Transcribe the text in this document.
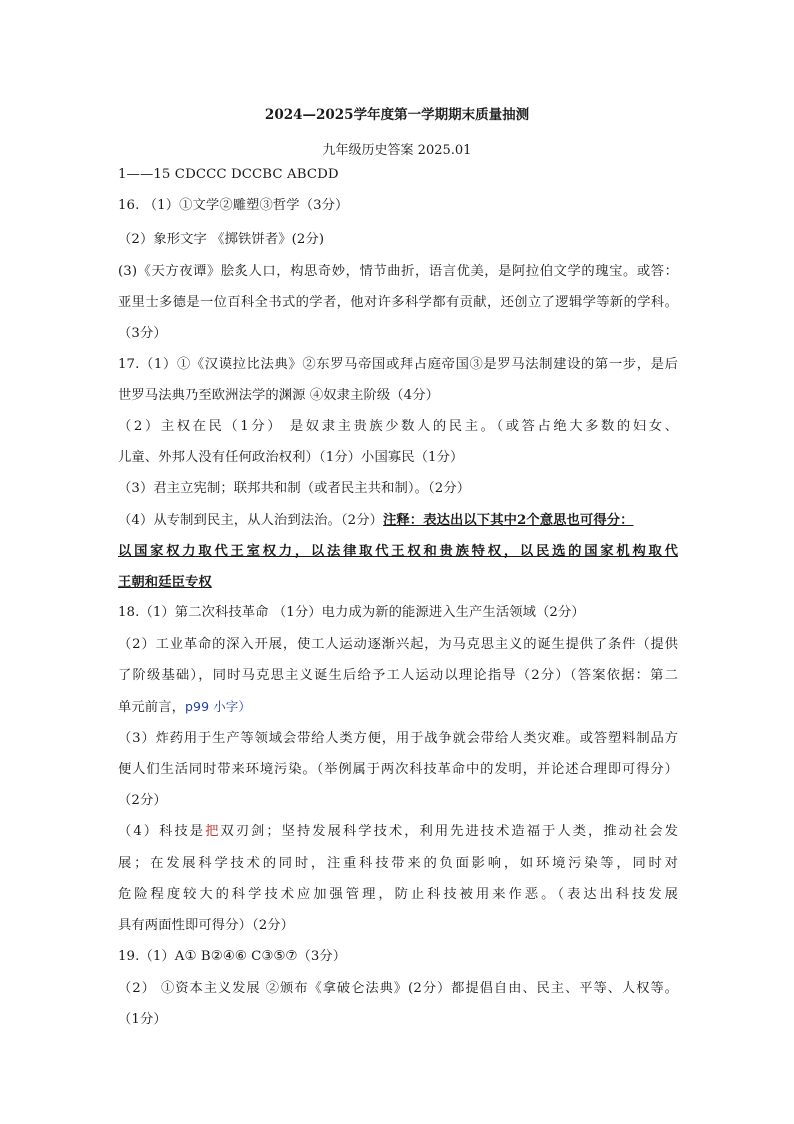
2024—2025学年度第一学期期末质量抽测
九年级历史答案 2025.01
1——15 CDCCC DCCBC ABCDD
16. （1）①文学②雕塑③哲学（3分）
（2）象形文字 《掷铁饼者》(2分)
(3)《天方夜谭》脍炙人口，构思奇妙，情节曲折，语言优美，是阿拉伯文学的瑰宝。或答：
亚里士多德是一位百科全书式的学者，他对许多科学都有贡献，还创立了逻辑学等新的学科。
（3分）
17.（1）①《汉谟拉比法典》②东罗马帝国或拜占庭帝国③是罗马法制建设的第一步，是后
世罗马法典乃至欧洲法学的渊源 ④奴隶主阶级（4分）
（2）主权在民（1分） 是奴隶主贵族少数人的民主。（或答占绝大多数的妇女、
儿童、外邦人没有任何政治权利）（1分）小国寡民（1分）
（3）君主立宪制；联邦共和制（或者民主共和制）。（2分）
（4）从专制到民主，从人治到法治。（2分）注释：表达出以下其中2个意思也可得分：
以国家权力取代王室权力，以法律取代王权和贵族特权，以民选的国家机构取代
王朝和廷臣专权
18.（1）第二次科技革命 （1分）电力成为新的能源进入生产生活领域（2分）
（2）工业革命的深入开展，使工人运动逐渐兴起，为马克思主义的诞生提供了条件（提供
了阶级基础），同时马克思主义诞生后给予工人运动以理论指导（2分）（答案依据：第二
单元前言，p99 小字）
（3）炸药用于生产等领域会带给人类方便，用于战争就会带给人类灾难。或答塑料制品方
便人们生活同时带来环境污染。（举例属于两次科技革命中的发明，并论述合理即可得分）
（2分）
（4）科技是把双刃剑；坚持发展科学技术，利用先进技术造福于人类，推动社会发
展；在发展科学技术的同时，注重科技带来的负面影响，如环境污染等，同时对
危险程度较大的科学技术应加强管理，防止科技被用来作恶。（表达出科技发展
具有两面性即可得分）（2分）
19.（1）A① B②④⑥ C③⑤⑦（3分）
（2） ①资本主义发展 ②颁布《拿破仑法典》(2分）都提倡自由、民主、平等、人权等。
（1分）
